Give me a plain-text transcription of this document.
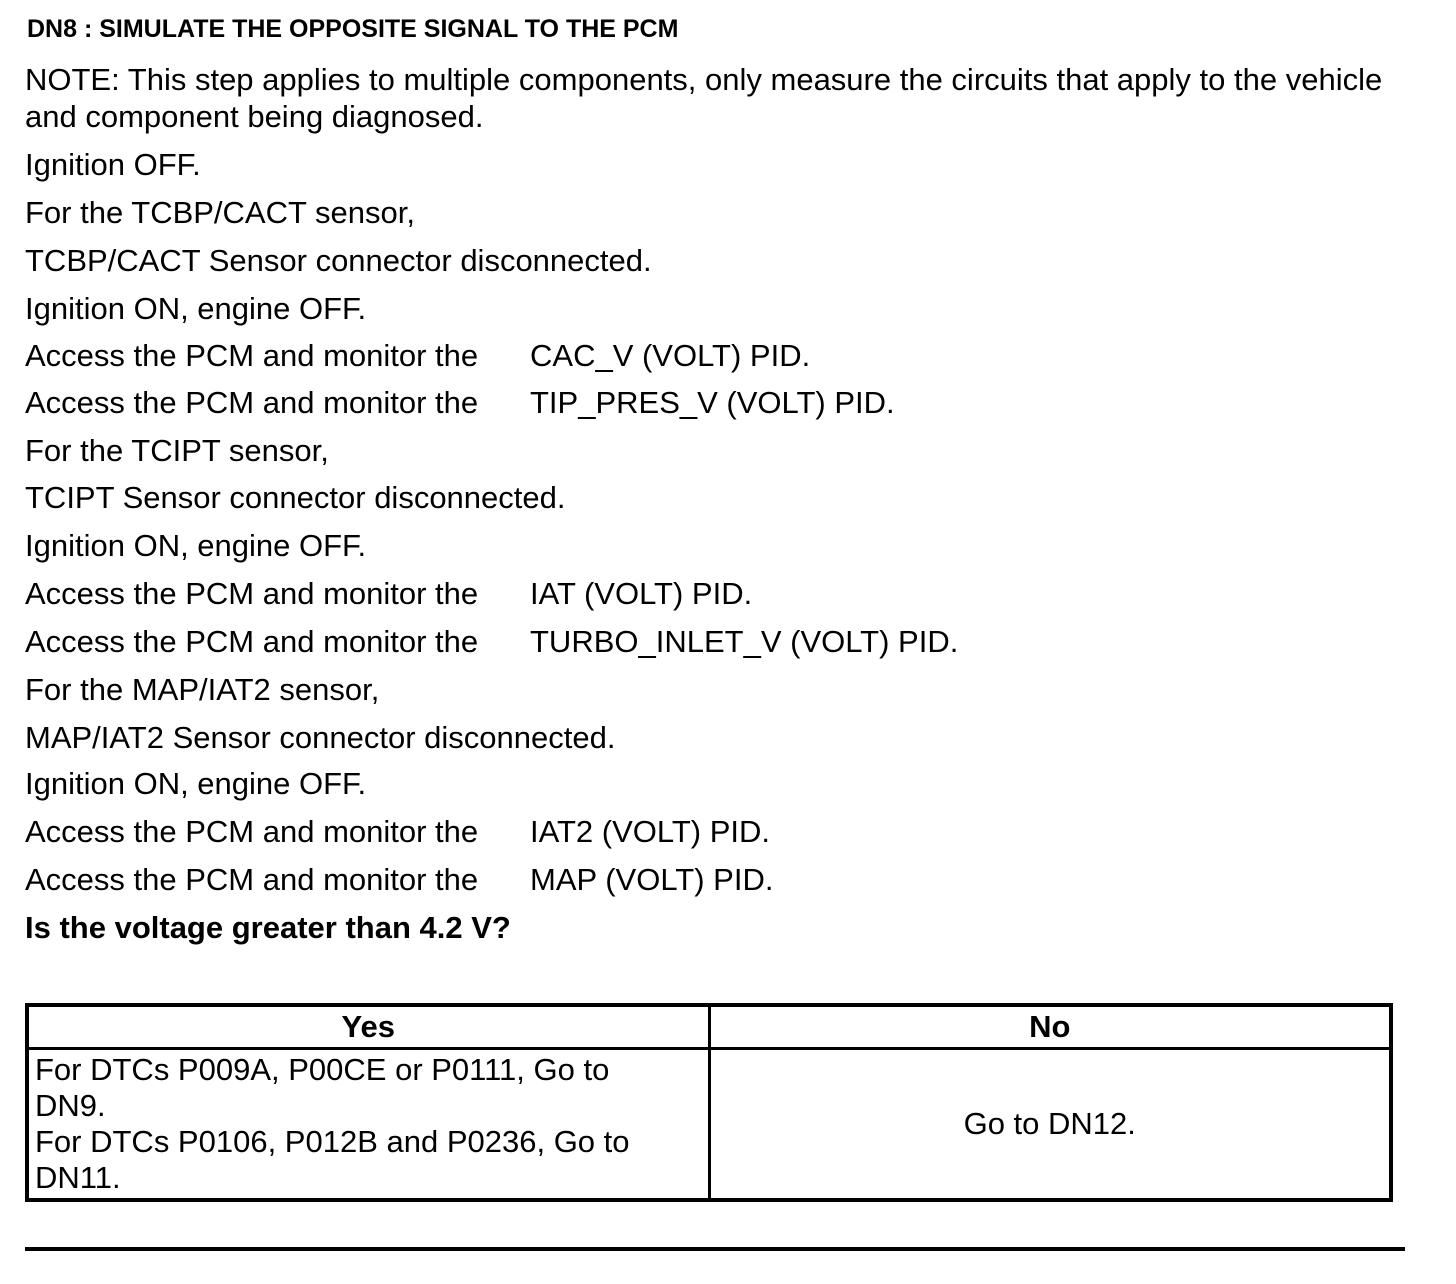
DN8 : SIMULATE THE OPPOSITE SIGNAL TO THE PCM
NOTE: This step applies to multiple components, only measure the circuits that apply to the vehicle and component being diagnosed.
Ignition OFF.
For the TCBP/CACT sensor,
TCBP/CACT Sensor connector disconnected.
Ignition ON, engine OFF.
Access the PCM and monitor the CAC_V (VOLT) PID.
Access the PCM and monitor the TIP_PRES_V (VOLT) PID.
For the TCIPT sensor,
TCIPT Sensor connector disconnected.
Ignition ON, engine OFF.
Access the PCM and monitor the IAT (VOLT) PID.
Access the PCM and monitor the TURBO_INLET_V (VOLT) PID.
For the MAP/IAT2 sensor,
MAP/IAT2 Sensor connector disconnected.
Ignition ON, engine OFF.
Access the PCM and monitor the IAT2 (VOLT) PID.
Access the PCM and monitor the MAP (VOLT) PID.
Is the voltage greater than 4.2 V?
Yes	No

For DTCs P009A, P00CE or P0111, Go to
DN9.
For DTCs P0106, P012B and P0236, Go to
DN11.	Go to DN12.
